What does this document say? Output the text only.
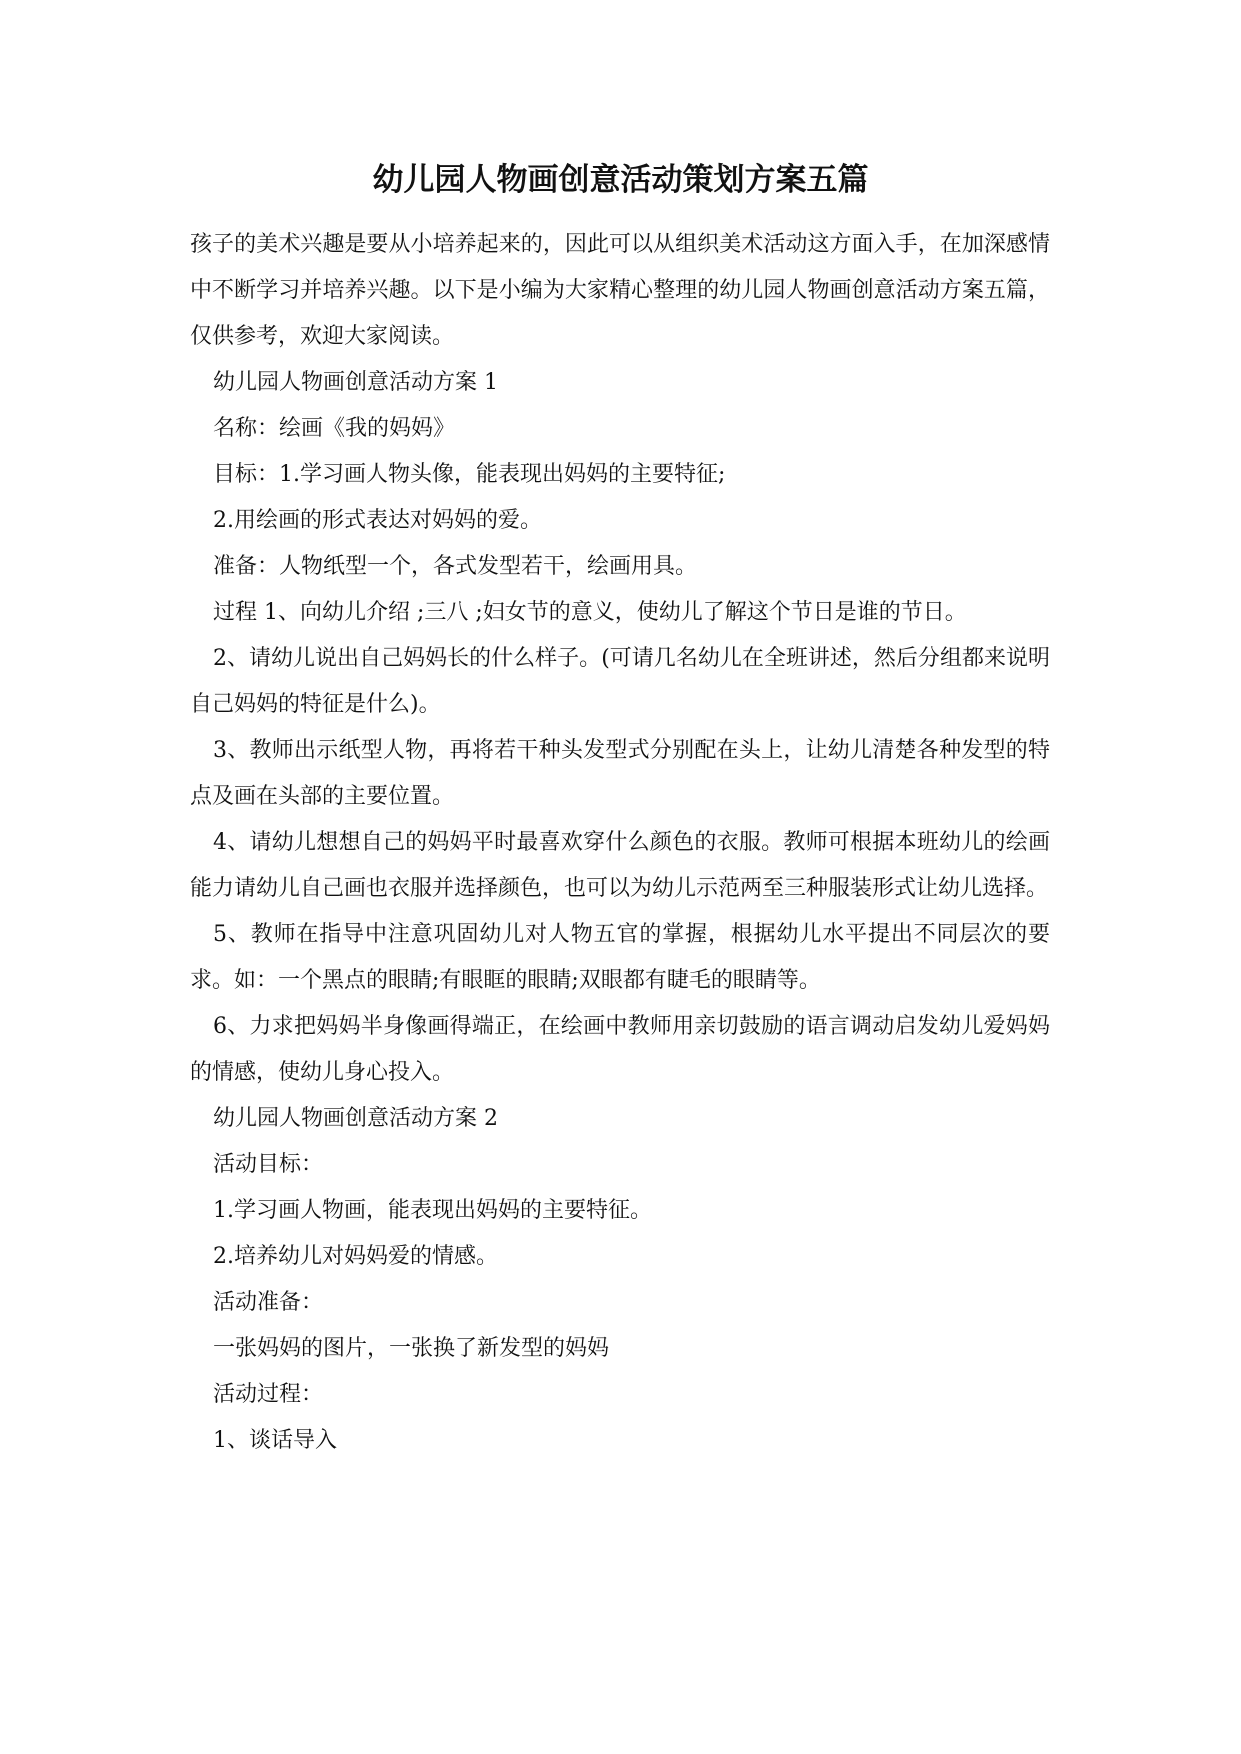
幼儿园人物画创意活动策划方案五篇

孩子的美术兴趣是要从小培养起来的，因此可以从组织美术活动这方面入手，在加深感情中不断学习并培养兴趣。以下是小编为大家精心整理的幼儿园人物画创意活动方案五篇，仅供参考，欢迎大家阅读。

幼儿园人物画创意活动方案 1

名称：绘画《我的妈妈》

目标：1.学习画人物头像，能表现出妈妈的主要特征;

2.用绘画的形式表达对妈妈的爱。

准备：人物纸型一个，各式发型若干，绘画用具。

过程 1、向幼儿介绍 ;三八 ;妇女节的意义，使幼儿了解这个节日是谁的节日。

2、请幼儿说出自己妈妈长的什么样子。(可请几名幼儿在全班讲述，然后分组都来说明自己妈妈的特征是什么)。

3、教师出示纸型人物，再将若干种头发型式分别配在头上，让幼儿清楚各种发型的特点及画在头部的主要位置。

4、请幼儿想想自己的妈妈平时最喜欢穿什么颜色的衣服。教师可根据本班幼儿的绘画能力请幼儿自己画也衣服并选择颜色，也可以为幼儿示范两至三种服装形式让幼儿选择。

5、教师在指导中注意巩固幼儿对人物五官的掌握，根据幼儿水平提出不同层次的要求。如：一个黑点的眼睛;有眼眶的眼睛;双眼都有睫毛的眼睛等。

6、力求把妈妈半身像画得端正，在绘画中教师用亲切鼓励的语言调动启发幼儿爱妈妈的情感，使幼儿身心投入。

幼儿园人物画创意活动方案 2

活动目标：

1.学习画人物画，能表现出妈妈的主要特征。

2.培养幼儿对妈妈爱的情感。

活动准备：

一张妈妈的图片，一张换了新发型的妈妈

活动过程：

1、谈话导入
